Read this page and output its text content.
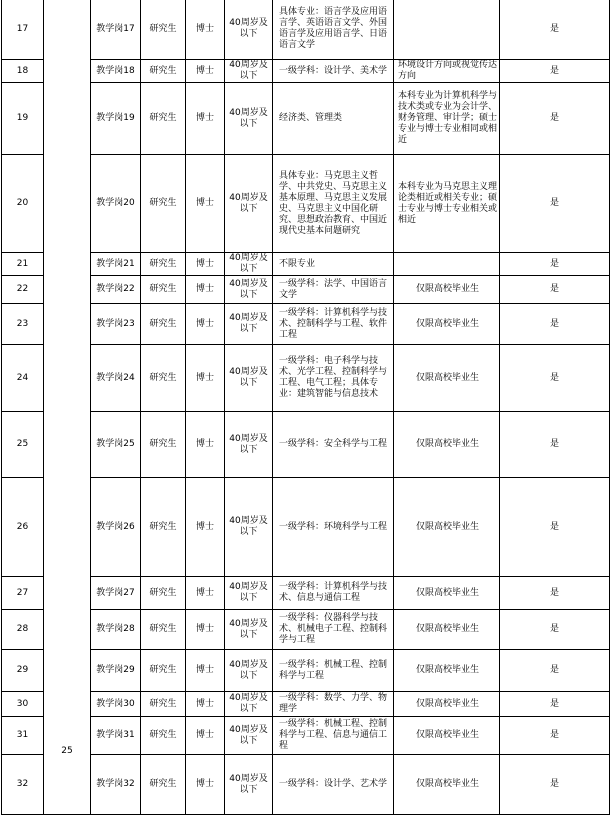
17	25	教学岗17	研究生	博士	40周岁及以下	具体专业：语言学及应用语言学、英语语言文学、外国语言学及应用语言学、日语语言文学		是
18		教学岗18	研究生	博士	40周岁及以下	一级学科：设计学、美术学	环境设计方向或视觉传达方向	是
19		教学岗19	研究生	博士	40周岁及以下	经济类、管理类	本科专业为计算机科学与技术类或专业为会计学、财务管理、审计学；硕士专业与博士专业相同或相近	是
20		教学岗20	研究生	博士	40周岁及以下	具体专业：马克思主义哲学、中共党史、马克思主义基本原理、马克思主义发展史、马克思主义中国化研究、思想政治教育、中国近现代史基本问题研究	本科专业为马克思主义理论类相近或相关专业；硕士专业与博士专业相关或相近	是
21		教学岗21	研究生	博士	40周岁及以下	不限专业		是
22		教学岗22	研究生	博士	40周岁及以下	一级学科：法学、中国语言文学	仅限高校毕业生	是
23		教学岗23	研究生	博士	40周岁及以下	一级学科：计算机科学与技术、控制科学与工程、软件工程	仅限高校毕业生	是
24		教学岗24	研究生	博士	40周岁及以下	一级学科：电子科学与技术、光学工程、控制科学与工程、电气工程；具体专业：建筑智能与信息技术	仅限高校毕业生	是
25		教学岗25	研究生	博士	40周岁及以下	一级学科：安全科学与工程	仅限高校毕业生	是
26		教学岗26	研究生	博士	40周岁及以下	一级学科：环境科学与工程	仅限高校毕业生	是
27		教学岗27	研究生	博士	40周岁及以下	一级学科：计算机科学与技术、信息与通信工程	仅限高校毕业生	是
28		教学岗28	研究生	博士	40周岁及以下	一级学科：仪器科学与技术、机械电子工程、控制科学与工程	仅限高校毕业生	是
29		教学岗29	研究生	博士	40周岁及以下	一级学科：机械工程、控制科学与工程	仅限高校毕业生	是
30		教学岗30	研究生	博士	40周岁及以下	一级学科：数学、力学、物理学	仅限高校毕业生	是
31		教学岗31	研究生	博士	40周岁及以下	一级学科：机械工程、控制科学与工程、信息与通信工程	仅限高校毕业生	是
32		教学岗32	研究生	博士	40周岁及以下	一级学科：设计学、艺术学	仅限高校毕业生	是
